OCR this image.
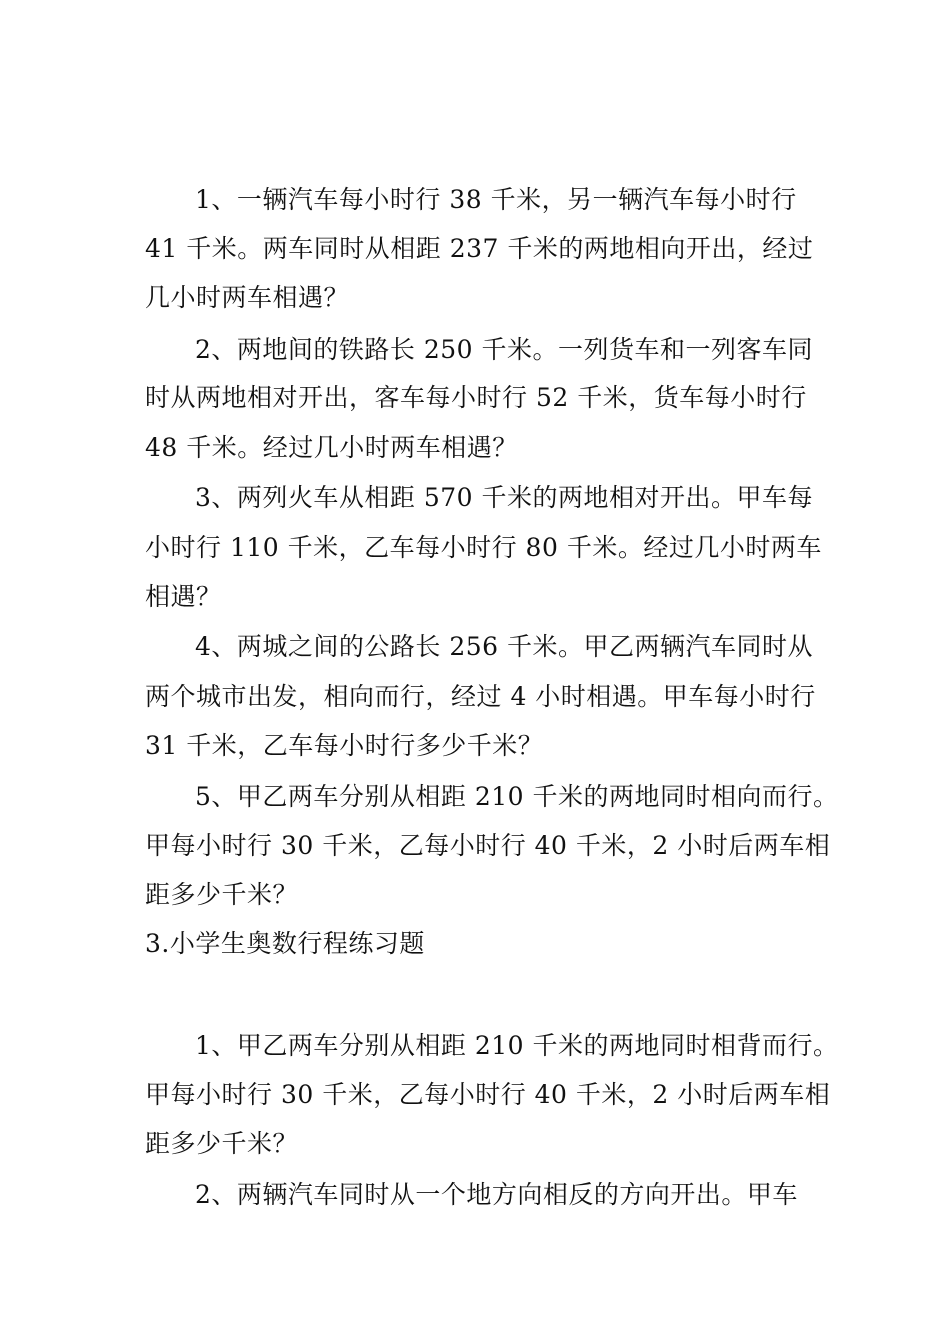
1、一辆汽车每小时行 38 千米，另一辆汽车每小时行
41 千米。两车同时从相距 237 千米的两地相向开出，经过
几小时两车相遇？
2、两地间的铁路长 250 千米。一列货车和一列客车同
时从两地相对开出，客车每小时行 52 千米，货车每小时行
48 千米。经过几小时两车相遇？
3、两列火车从相距 570 千米的两地相对开出。甲车每
小时行 110 千米，乙车每小时行 80 千米。经过几小时两车
相遇？
4、两城之间的公路长 256 千米。甲乙两辆汽车同时从
两个城市出发，相向而行，经过 4 小时相遇。甲车每小时行
31 千米，乙车每小时行多少千米？
5、甲乙两车分别从相距 210 千米的两地同时相向而行。
甲每小时行 30 千米，乙每小时行 40 千米，2 小时后两车相
距多少千米？
3.小学生奥数行程练习题
1、甲乙两车分别从相距 210 千米的两地同时相背而行。
甲每小时行 30 千米，乙每小时行 40 千米，2 小时后两车相
距多少千米？
2、两辆汽车同时从一个地方向相反的方向开出。甲车
